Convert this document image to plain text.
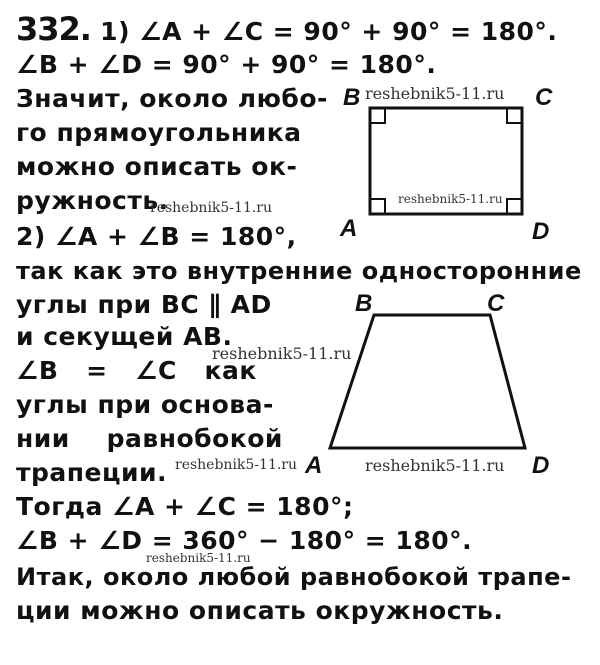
332. 1) ∠A + ∠C = 90° + 90° = 180°.
∠B + ∠D = 90° + 90° = 180°.
Значит, около любо-
го прямоугольника
можно описать ок-
ружность.
2) ∠A + ∠B = 180°,
так как это внутренние односторонние
углы при BC ∥ AD
и секущей AB.
∠B   =   ∠C   как
углы при основа-
нии    равнобокой
трапеции.
Тогда ∠A + ∠C = 180°;
∠B + ∠D = 360° − 180° = 180°.
Итак, около любой равнобокой трапе-
ции можно описать окружность.
B	C
A	D
B	C
A	D
reshebnik5-11.ru
reshebnik5-11.ru
reshebnik5-11.ru
reshebnik5-11.ru
reshebnik5-11.ru	reshebnik5-11.ru
reshebnik5-11.ru
